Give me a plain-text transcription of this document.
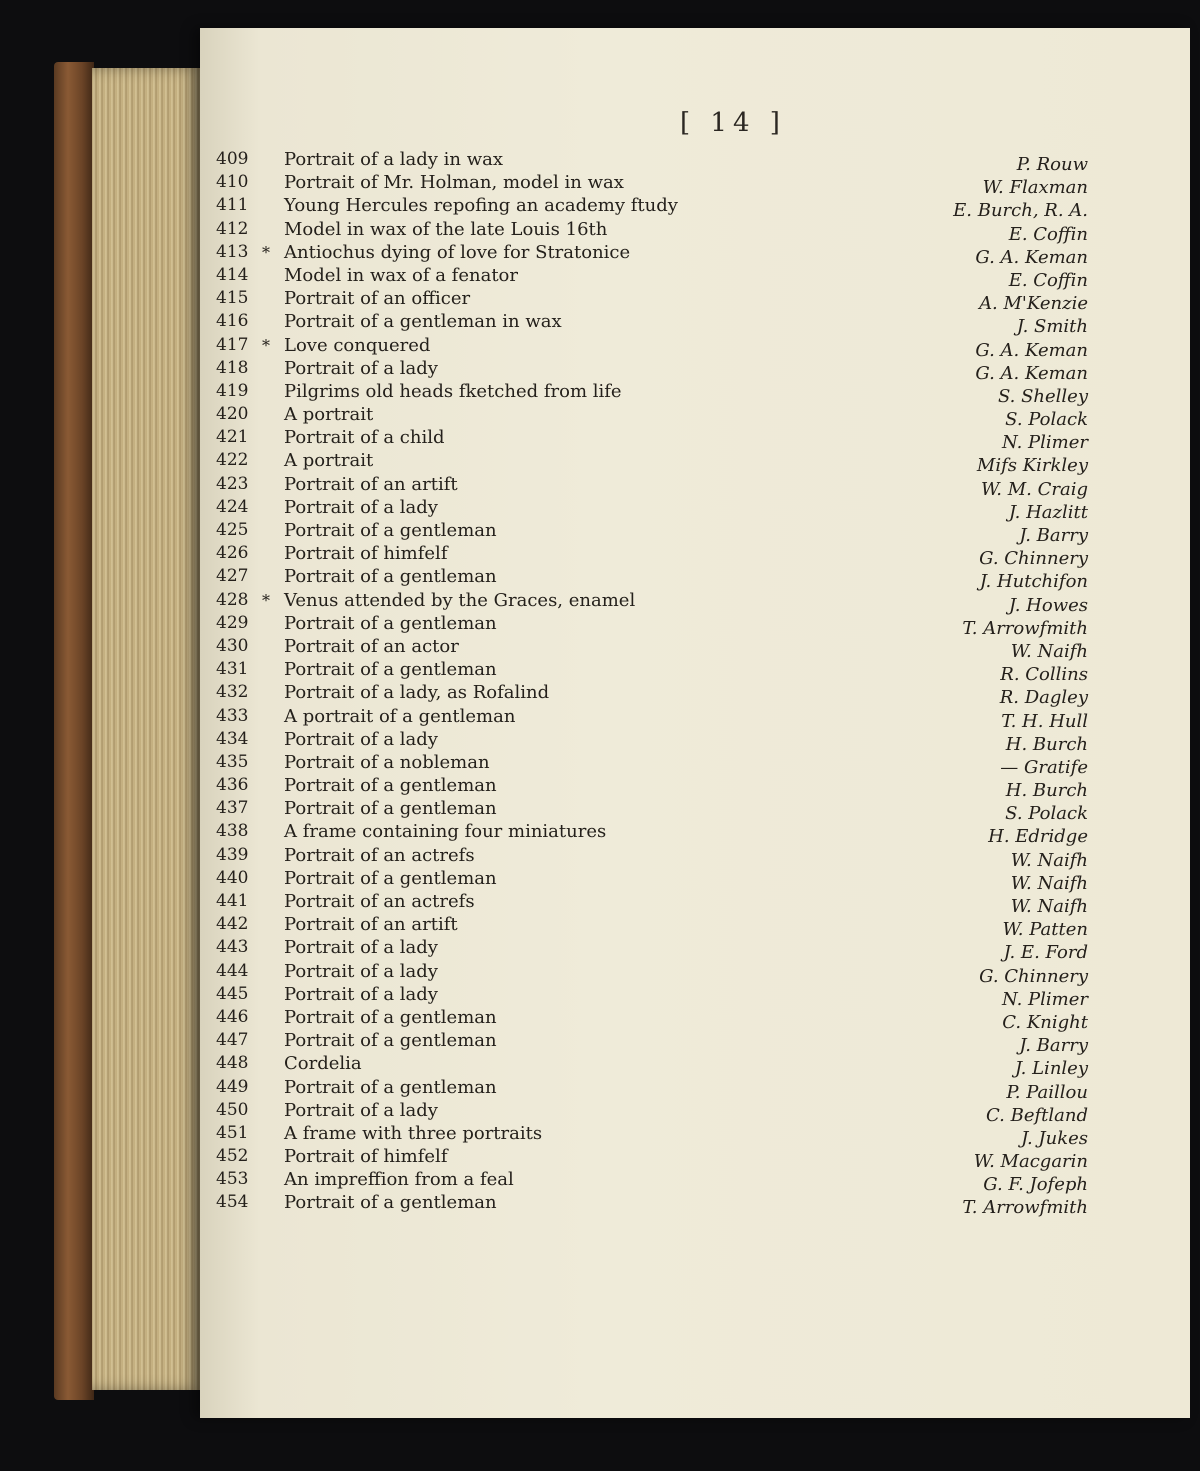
[ 14 ]
409	Portrait of a lady in wax	P. Rouw
410	Portrait of Mr. Holman, model in wax	W. Flaxman
411	Young Hercules repofing an academy ftudy	E. Burch, R. A.
412	Model in wax of the late Louis 16th	E. Coffin
413 * Antiochus dying of love for Stratonice	G. A. Keman
414	Model in wax of a fenator	E. Coffin
415	Portrait of an officer	A. M'Kenzie
416	Portrait of a gentleman in wax	J. Smith
417 * Love conquered	G. A. Keman
418	Portrait of a lady	G. A. Keman
419	Pilgrims old heads fketched from life	S. Shelley
420	A portrait	S. Polack
421	Portrait of a child	N. Plimer
422	A portrait	Mifs Kirkley
423	Portrait of an artift	W. M. Craig
424	Portrait of a lady	J. Hazlitt
425	Portrait of a gentleman	J. Barry
426	Portrait of himfelf	G. Chinnery
427	Portrait of a gentleman	J. Hutchifon
428 * Venus attended by the Graces, enamel	J. Howes
429	Portrait of a gentleman	T. Arrowfmith
430	Portrait of an actor	W. Naifh
431	Portrait of a gentleman	R. Collins
432	Portrait of a lady, as Rofalind	R. Dagley
433	A portrait of a gentleman	T. H. Hull
434	Portrait of a lady	H. Burch
435	Portrait of a nobleman	— Gratife
436	Portrait of a gentleman	H. Burch
437	Portrait of a gentleman	S. Polack
438	A frame containing four miniatures	H. Edridge
439	Portrait of an actrefs	W. Naifh
440	Portrait of a gentleman	W. Naifh
441	Portrait of an actrefs	W. Naifh
442	Portrait of an artift	W. Patten
443	Portrait of a lady	J. E. Ford
444	Portrait of a lady	G. Chinnery
445	Portrait of a lady	N. Plimer
446	Portrait of a gentleman	C. Knight
447	Portrait of a gentleman	J. Barry
448	Cordelia	J. Linley
449	Portrait of a gentleman	P. Paillou
450	Portrait of a lady	C. Beftland
451	A frame with three portraits	J. Jukes
452	Portrait of himfelf	W. Macgarin
453	An impreffion from a feal	G. F. Jofeph
454	Portrait of a gentleman	T. Arrowfmith
